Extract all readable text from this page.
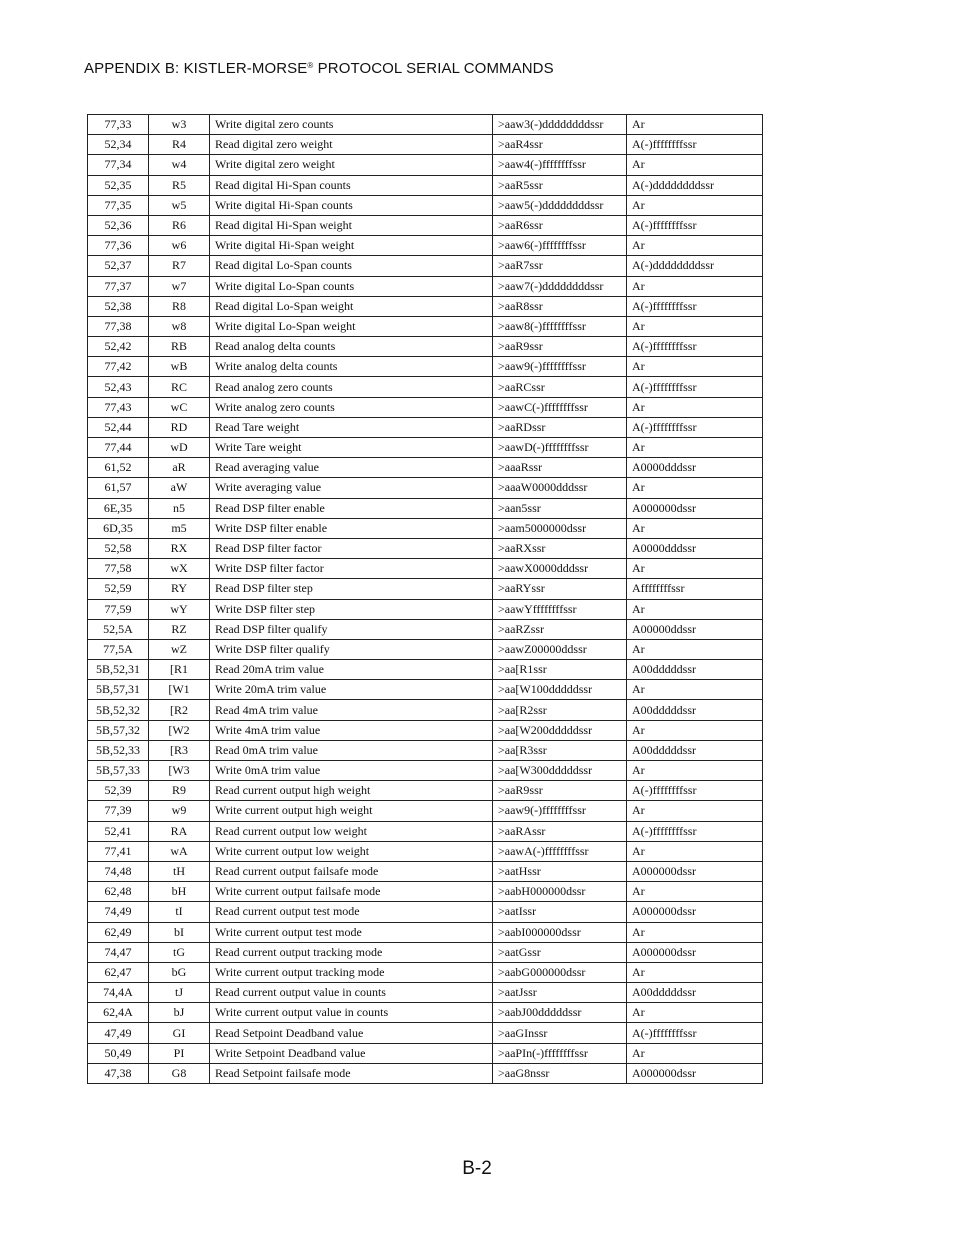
APPENDIX B: KISTLER-MORSE® PROTOCOL SERIAL COMMANDS
77,33	w3	Write digital zero counts	>aaw3(-)ddddddddssr	Ar
52,34	R4	Read digital zero weight	>aaR4ssr	A(-)ffffffffssr
77,34	w4	Write digital zero weight	>aaw4(-)ffffffffssr	Ar
52,35	R5	Read digital Hi-Span counts	>aaR5ssr	A(-)ddddddddssr
77,35	w5	Write digital Hi-Span counts	>aaw5(-)ddddddddssr	Ar
52,36	R6	Read digital Hi-Span weight	>aaR6ssr	A(-)ffffffffssr
77,36	w6	Write digital Hi-Span weight	>aaw6(-)ffffffffssr	Ar
52,37	R7	Read digital Lo-Span counts	>aaR7ssr	A(-)ddddddddssr
77,37	w7	Write digital Lo-Span counts	>aaw7(-)ddddddddssr	Ar
52,38	R8	Read digital Lo-Span weight	>aaR8ssr	A(-)ffffffffssr
77,38	w8	Write digital Lo-Span weight	>aaw8(-)ffffffffssr	Ar
52,42	RB	Read analog delta counts	>aaR9ssr	A(-)ffffffffssr
77,42	wB	Write analog delta counts	>aaw9(-)ffffffffssr	Ar
52,43	RC	Read analog zero counts	>aaRCssr	A(-)ffffffffssr
77,43	wC	Write analog zero counts	>aawC(-)ffffffffssr	Ar
52,44	RD	Read Tare weight	>aaRDssr	A(-)ffffffffssr
77,44	wD	Write Tare weight	>aawD(-)ffffffffssr	Ar
61,52	aR	Read averaging value	>aaaRssr	A0000dddssr
61,57	aW	Write averaging value	>aaaW0000dddssr	Ar
6E,35	n5	Read DSP filter enable	>aan5ssr	A000000dssr
6D,35	m5	Write DSP filter enable	>aam5000000dssr	Ar
52,58	RX	Read DSP filter factor	>aaRXssr	A0000dddssr
77,58	wX	Write DSP filter factor	>aawX0000dddssr	Ar
52,59	RY	Read DSP filter step	>aaRYssr	Affffffffssr
77,59	wY	Write DSP filter step	>aawYffffffffssr	Ar
52,5A	RZ	Read DSP filter qualify	>aaRZssr	A00000ddssr
77,5A	wZ	Write DSP filter qualify	>aawZ00000ddssr	Ar
5B,52,31	[R1	Read 20mA trim value	>aa[R1ssr	A00dddddssr
5B,57,31	[W1	Write 20mA trim value	>aa[W100dddddssr	Ar
5B,52,32	[R2	Read 4mA trim value	>aa[R2ssr	A00dddddssr
5B,57,32	[W2	Write 4mA trim value	>aa[W200dddddssr	Ar
5B,52,33	[R3	Read 0mA trim value	>aa[R3ssr	A00dddddssr
5B,57,33	[W3	Write 0mA trim value	>aa[W300dddddssr	Ar
52,39	R9	Read current output high weight	>aaR9ssr	A(-)ffffffffssr
77,39	w9	Write current output high weight	>aaw9(-)ffffffffssr	Ar
52,41	RA	Read current output low weight	>aaRAssr	A(-)ffffffffssr
77,41	wA	Write current output low weight	>aawA(-)ffffffffssr	Ar
74,48	tH	Read current output failsafe mode	>aatHssr	A000000dssr
62,48	bH	Write current output failsafe mode	>aabH000000dssr	Ar
74,49	tI	Read current output test mode	>aatIssr	A000000dssr
62,49	bI	Write current output test mode	>aabI000000dssr	Ar
74,47	tG	Read current output tracking mode	>aatGssr	A000000dssr
62,47	bG	Write current output tracking mode	>aabG000000dssr	Ar
74,4A	tJ	Read current output value in counts	>aatJssr	A00dddddssr
62,4A	bJ	Write current output value in counts	>aabJ00dddddssr	Ar
47,49	GI	Read Setpoint Deadband value	>aaGInssr	A(-)ffffffffssr
50,49	PI	Write Setpoint Deadband value	>aaPIn(-)ffffffffssr	Ar
47,38	G8	Read Setpoint failsafe mode	>aaG8nssr	A000000dssr
B-2
